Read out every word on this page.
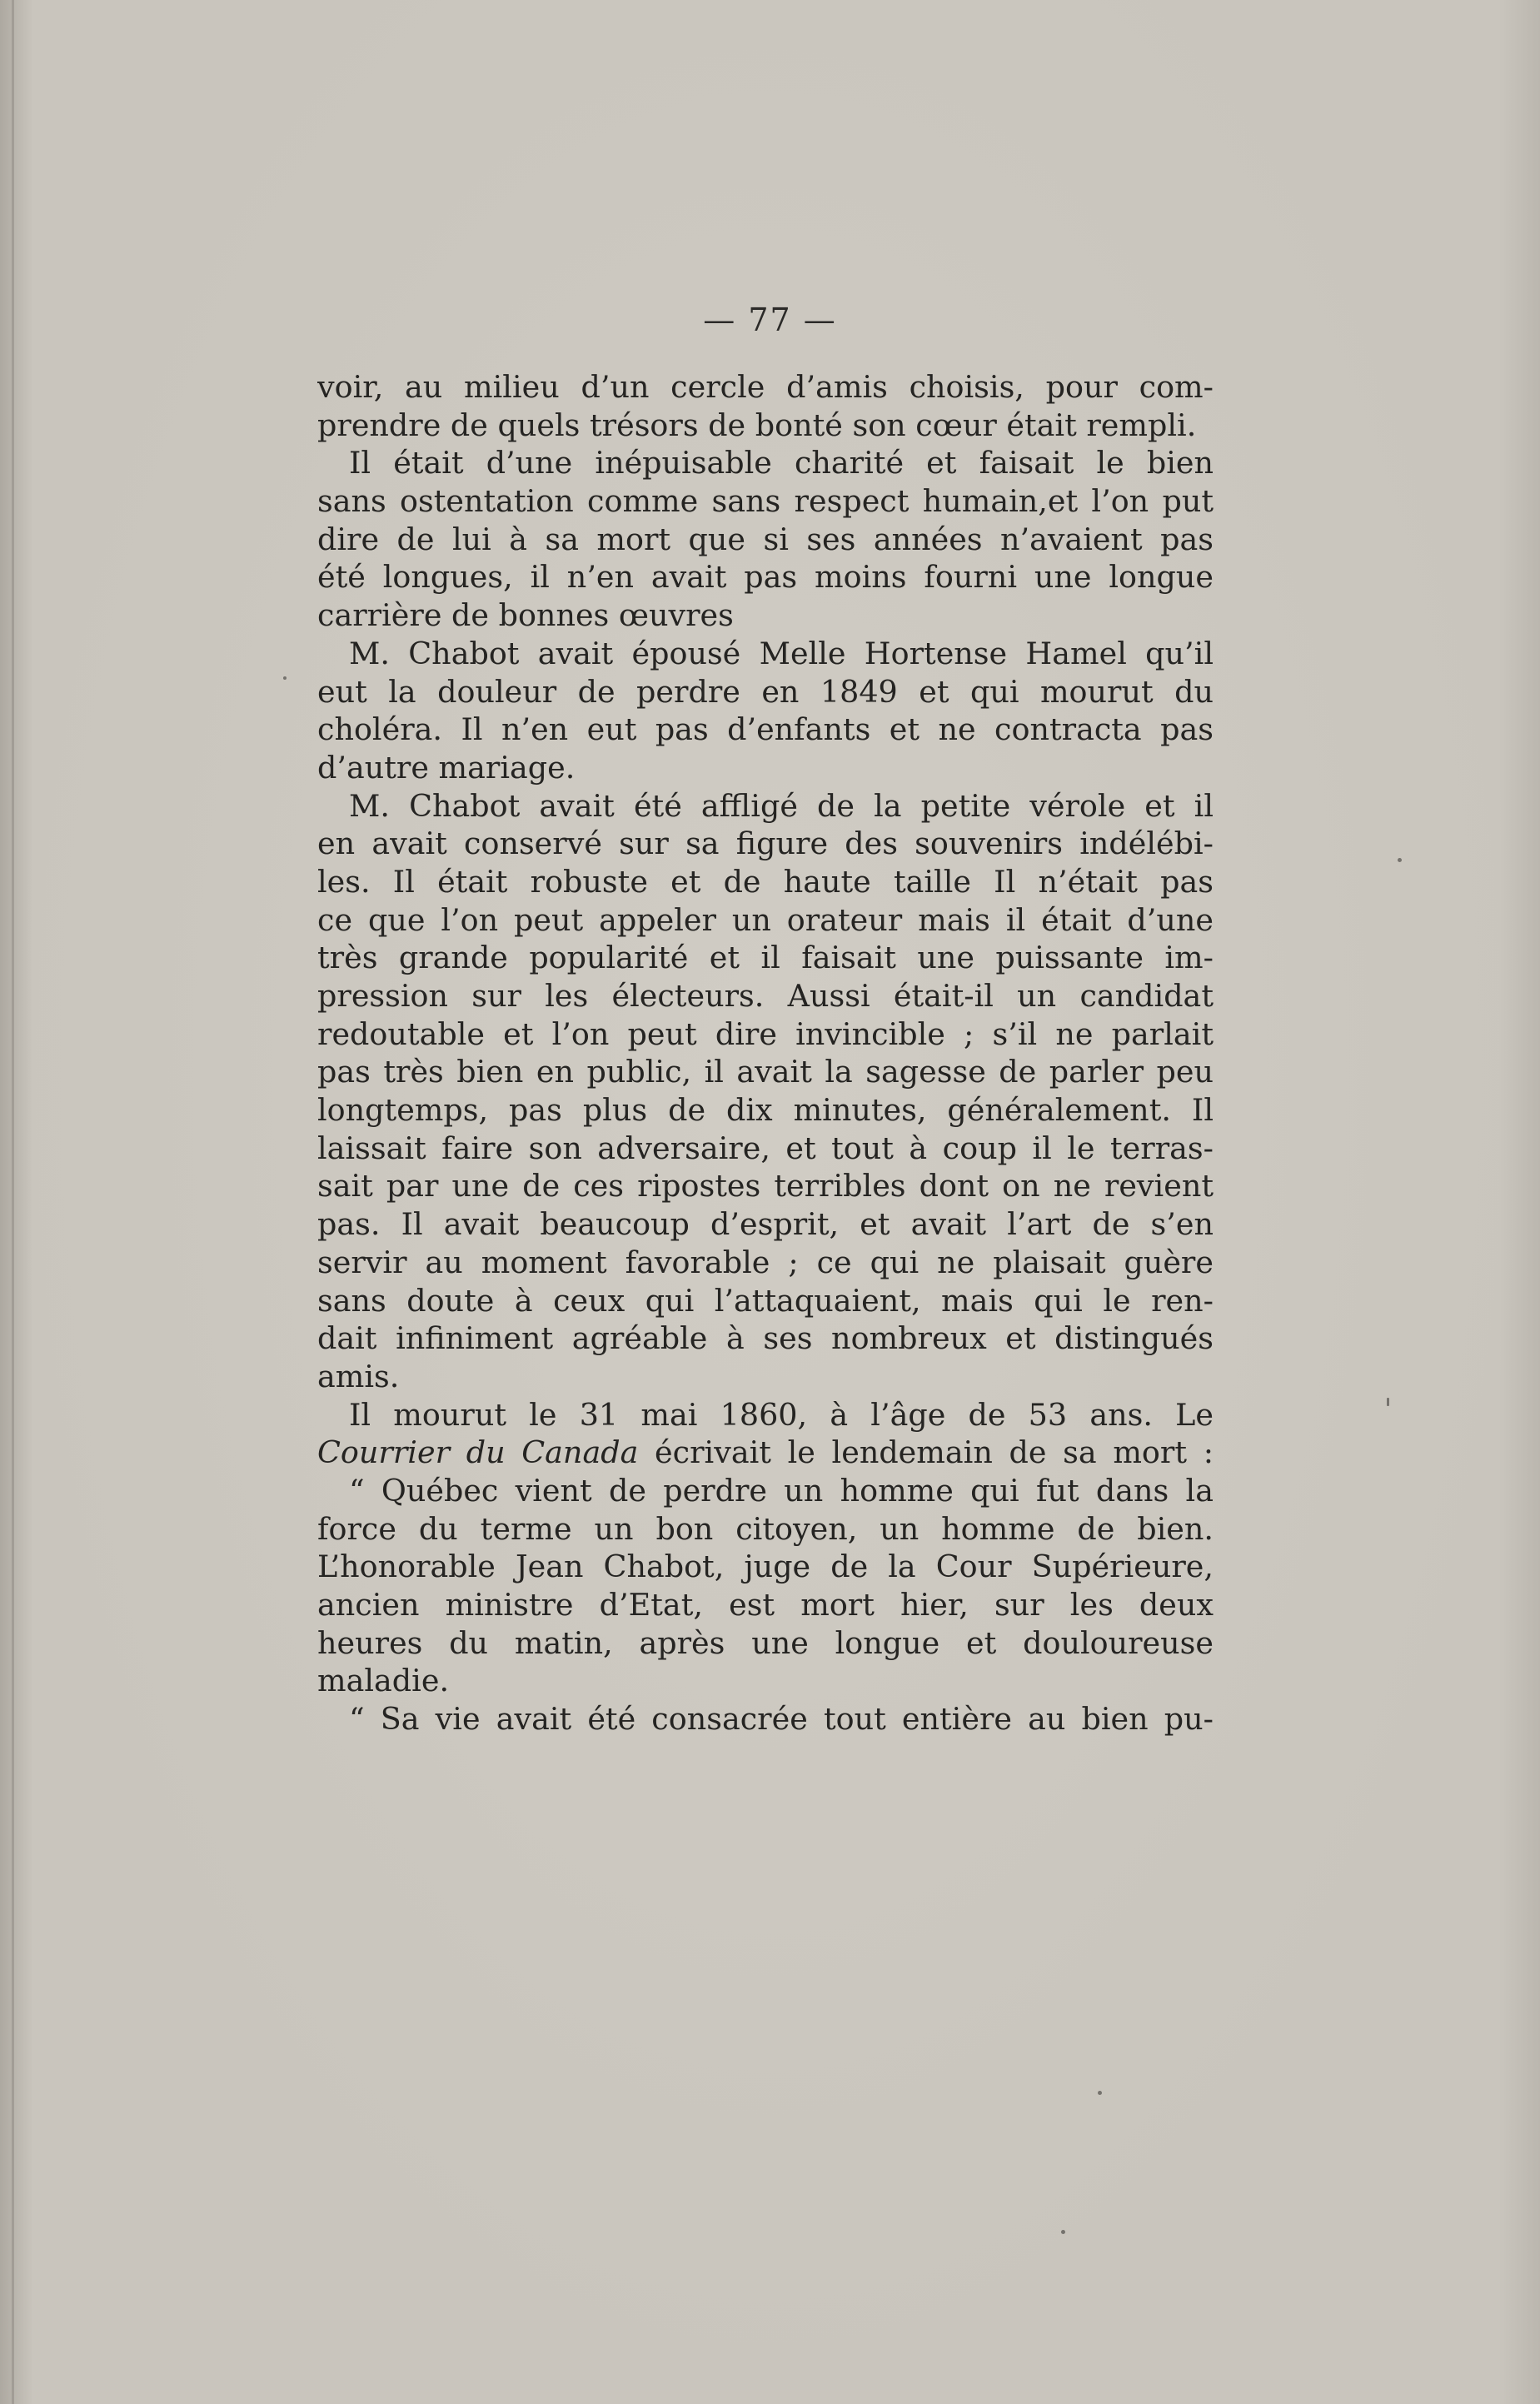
— 77 —
voir, au milieu d’un cercle d’amis choisis, pour com-
prendre de quels trésors de bonté son cœur était rempli.
Il était d’une inépuisable charité et faisait le bien
sans ostentation comme sans respect humain,et l’on put
dire de lui à sa mort que si ses années n’avaient pas
été longues, il n’en avait pas moins fourni une longue
carrière de bonnes œuvres
M. Chabot avait épousé Melle Hortense Hamel qu’il
eut la douleur de perdre en 1849 et qui mourut du
choléra. Il n’en eut pas d’enfants et ne contracta pas
d’autre mariage.
M. Chabot avait été affligé de la petite vérole et il
en avait conservé sur sa figure des souvenirs indélébi-
les. Il était robuste et de haute taille Il n’était pas
ce que l’on peut appeler un orateur mais il était d’une
très grande popularité et il faisait une puissante im-
pression sur les électeurs. Aussi était-il un candidat
redoutable et l’on peut dire invincible ; s’il ne parlait
pas très bien en public, il avait la sagesse de parler peu
longtemps, pas plus de dix minutes, généralement. Il
laissait faire son adversaire, et tout à coup il le terras-
sait par une de ces ripostes terribles dont on ne revient
pas. Il avait beaucoup d’esprit, et avait l’art de s’en
servir au moment favorable ; ce qui ne plaisait guère
sans doute à ceux qui l’attaquaient, mais qui le ren-
dait infiniment agréable à ses nombreux et distingués
amis.
Il mourut le 31 mai 1860, à l’âge de 53 ans. Le
Courrier du Canada écrivait le lendemain de sa mort :
“ Québec vient de perdre un homme qui fut dans la
force du terme un bon citoyen, un homme de bien.
L’honorable Jean Chabot, juge de la Cour Supérieure,
ancien ministre d’Etat, est mort hier, sur les deux
heures du matin, après une longue et douloureuse
maladie.
“ Sa vie avait été consacrée tout entière au bien pu-
